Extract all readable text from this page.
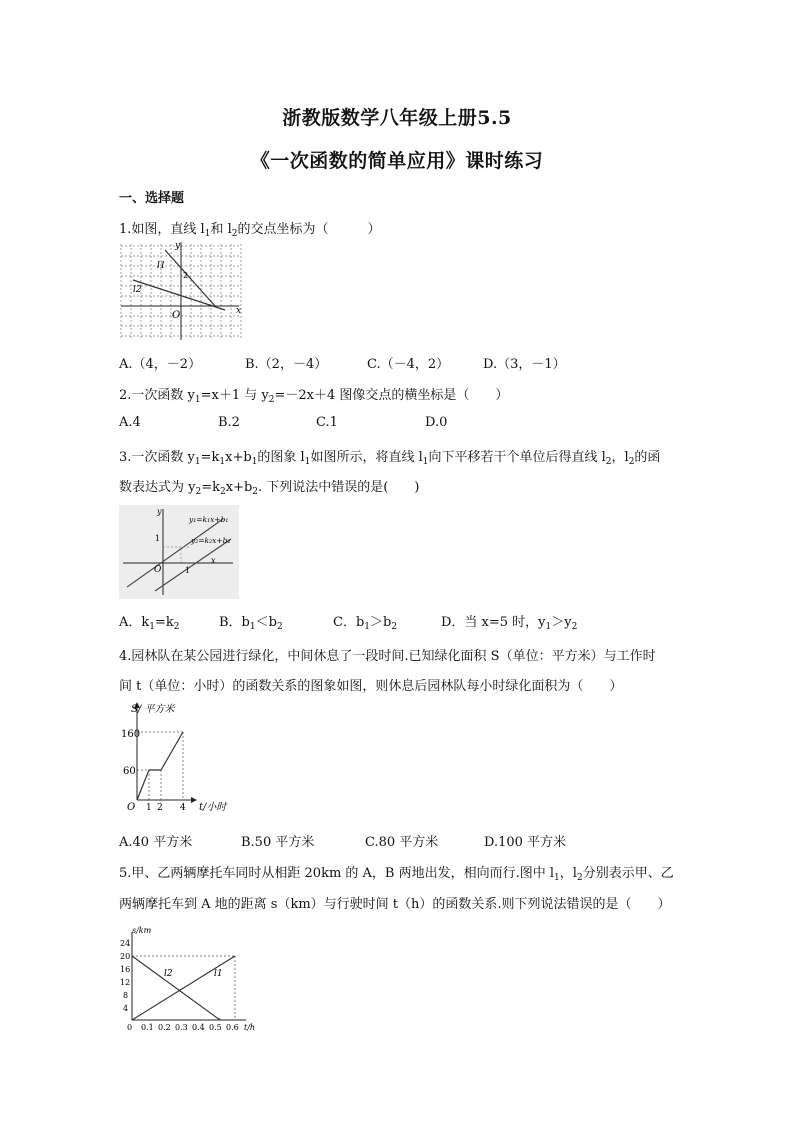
浙教版数学八年级上册5.5
《一次函数的简单应用》课时练习
一、选择题
1.如图，直线 $l_1$和 $l_2$的交点坐标为（　　　）
y
x
O
l1
l2
2
A.（4，－2）	B.（2，－4）	C.（－4，2）	D.（3，－1）
2.一次函数 $y_1=x+1$ 与 $y_2=-2x+4$ 图像交点的横坐标是（　　）
A.4	B.2	C.1	D.0
3.一次函数 $y_1=k_1x+b_1$的图象 $l_1$如图所示，将直线 $l_1$向下平移若干个单位后得直线 $l_2$，$l_2$的函
数表达式为 $y_2=k_2x+b_2$. 下列说法中错误的是(　　)
y
x
O
1
1
y₁=k₁x+b₁
y₂=k₂x+b₂
A．$k_1=k_2$	B．$b_1<b_2$	C．$b_1>b_2$	D．当 x=5 时，$y_1>y_2$
4.园林队在某公园进行绿化，中间休息了一段时间.已知绿化面积 S（单位：平方米）与工作时
间 t（单位：小时）的函数关系的图象如图，则休息后园林队每小时绿化面积为（　　）
S/ 平方米
160
60
O 1 2 4 t/小时
A.40 平方米	B.50 平方米	C.80 平方米	D.100 平方米
5.甲、乙两辆摩托车同时从相距 20km 的 A，B 两地出发，相向而行.图中 $l_1$，$l_2$分别表示甲、乙
两辆摩托车到 A 地的距离 s（km）与行驶时间 t（h）的函数关系.则下列说法错误的是（　　）
s/km
24
20
16
12
8
4
0 0.1 0.2 0.3 0.4 0.5 0.6 t/h
l2	l1
